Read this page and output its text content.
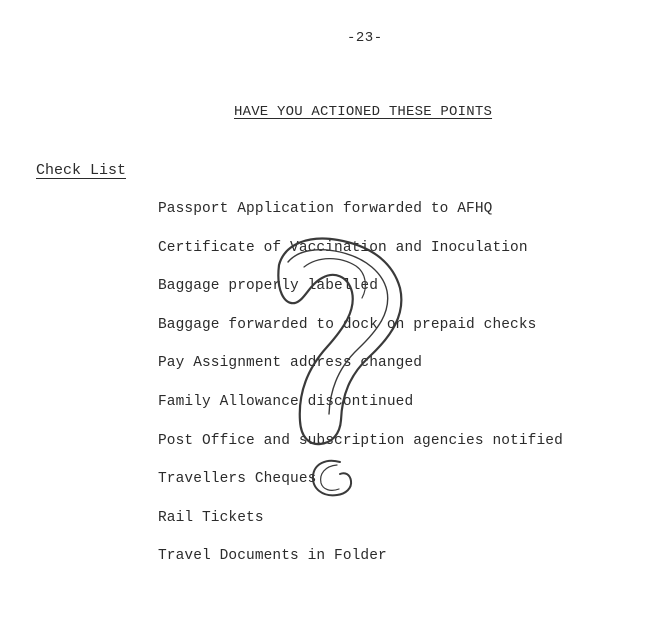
-23-
HAVE YOU ACTIONED THESE POINTS
Check List
Passport Application forwarded to AFHQ
Certificate of Vaccination and Inoculation
Baggage properly labelled
Baggage forwarded to dock on prepaid checks
Pay Assignment address changed
Family Allowance discontinued
Post Office and subscription agencies notified
Travellers Cheques
Rail Tickets
Travel Documents in Folder
